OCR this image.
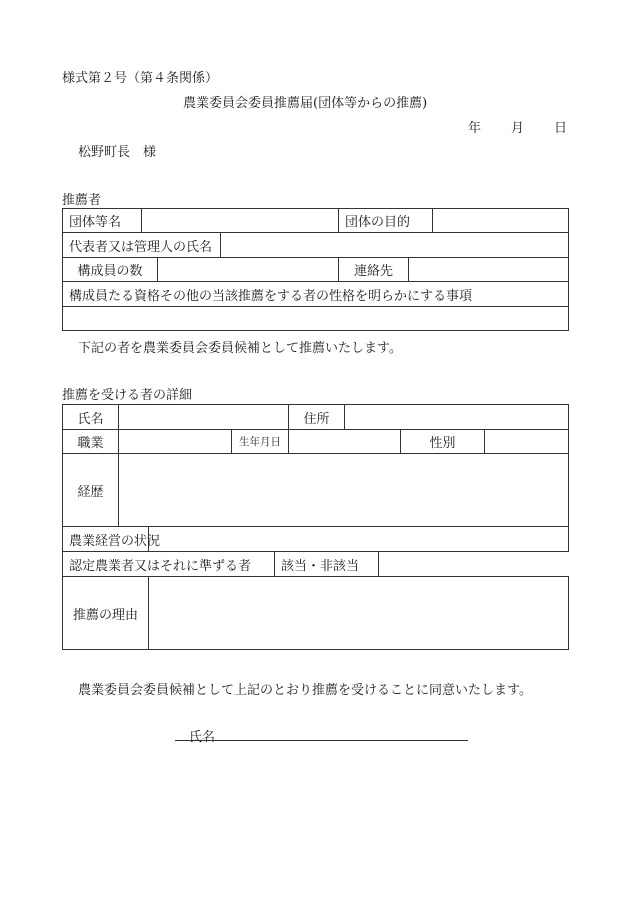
様式第２号（第４条関係）
農業委員会委員推薦届(団体等からの推薦)
年 月 日
松野町長　様
推薦者
団体等名				団体の目的		
代表者又は管理人の氏名						
構成員の数				連絡先		
構成員たる資格その他の当該推薦をする者の性格を明らかにする事項						

下記の者を農業委員会委員候補として推薦いたします。
推薦を受ける者の詳細
氏名				住所			
職業			生年月日			性別	
経歴							
農業経営の状況							
認定農業者又はそれに準ずる者	該当・非該当	
推薦の理由	
農業委員会委員候補として上記のとおり推薦を受けることに同意いたします。
氏名
